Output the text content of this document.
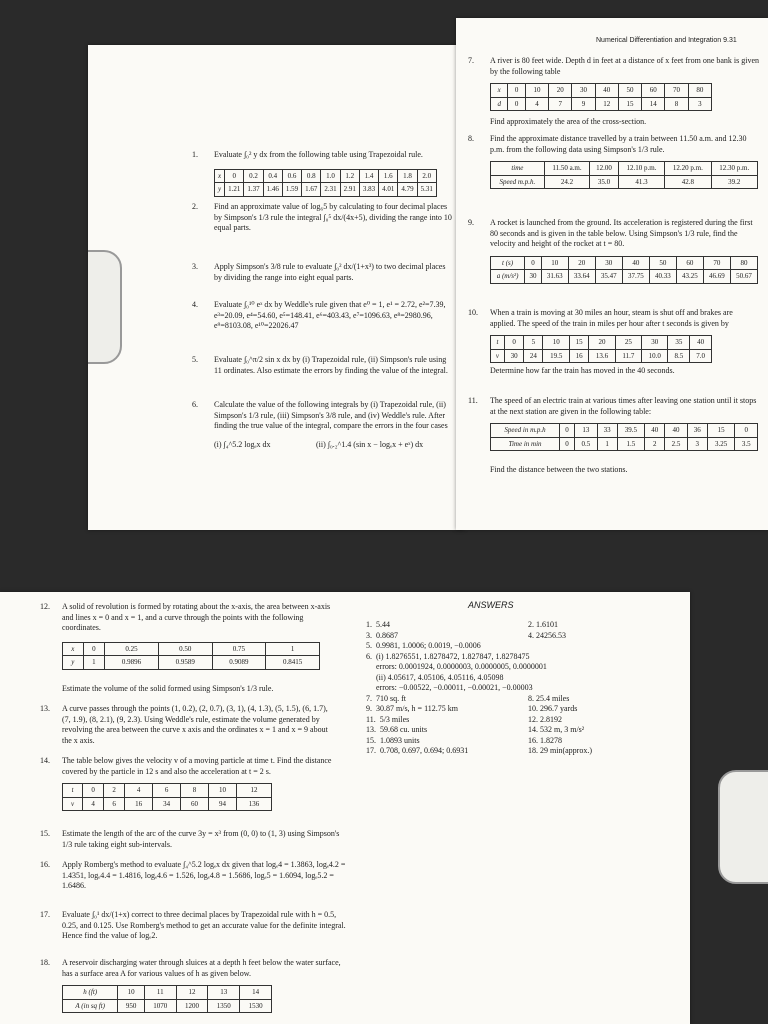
1. Evaluate ∫₀² y dx from the following table using Trapezoidal rule.
x	0	0.2	0.4	0.6	0.8	1.0	1.2	1.4	1.6	1.8	2.0
y	1.21	1.37	1.46	1.59	1.67	2.31	2.91	3.83	4.01	4.79	5.31
2. Find an approximate value of log₆5 by calculating to four decimal places by Simpson's 1/3 rule the integral ∫₀⁵ dx/(4x+5), dividing the range into 10 equal parts.
3. Apply Simpson's 3/8 rule to evaluate ∫₀² dx/(1+x³) to two decimal places by dividing the range into eight equal parts.
4. Evaluate ∫₀¹⁰ eˣ dx by Weddle's rule given that e⁰ = 1, e¹ = 2.72, e²=7.39, e³=20.09, e⁴=54.60, e⁵=148.41, e⁶=403.43, e⁷=1096.63, e⁸=2980.96, e⁹=8103.08, e¹⁰=22026.47
5. Evaluate ∫₀^π/2 sin x dx by (i) Trapezoidal rule, (ii) Simpson's rule using 11 ordinates. Also estimate the errors by finding the value of the integral.
6. Calculate the value of the following integrals by (i) Trapezoidal rule, (ii) Simpson's 1/3 rule, (iii) Simpson's 3/8 rule, and (iv) Weddle's rule. After finding the true value of the integral, compare the errors in the four cases
(i) ∫₄^5.2 logₑx dx	(ii) ∫₀.₂^1.4 (sin x − logₑx + eˣ) dx
Numerical Differentiation and Integration 9.31
7. A river is 80 feet wide. Depth d in feet at a distance of x feet from one bank is given by the following table
x	0	10	20	30	40	50	60	70	80
d	0	4	7	9	12	15	14	8	3
Find approximately the area of the cross-section.
8. Find the approximate distance travelled by a train between 11.50 a.m. and 12.30 p.m. from the following data using Simpson's 1/3 rule.
time	11.50 a.m.	12.00	12.10 p.m.	12.20 p.m.	12.30 p.m.
Speed m.p.h.	24.2	35.0	41.3	42.8	39.2
9. A rocket is launched from the ground. Its acceleration is registered during the first 80 seconds and is given in the table below. Using Simpson's 1/3 rule, find the velocity and height of the rocket at t = 80.
t (s)	0	10	20	30	40	50	60	70	80
a (m/s²)	30	31.63	33.64	35.47	37.75	40.33	43.25	46.69	50.67
10. When a train is moving at 30 miles an hour, steam is shut off and brakes are applied. The speed of the train in miles per hour after t seconds is given by
t	0	5	10	15	20	25	30	35	40
v	30	24	19.5	16	13.6	11.7	10.0	8.5	7.0
Determine how far the train has moved in the 40 seconds.
11. The speed of an electric train at various times after leaving one station until it stops at the next station are given in the following table:
Speed in m.p.h	0	13	33	39.5	40	40	36	15	0
Time in min	0	0.5	1	1.5	2	2.5	3	3.25	3.5
Find the distance between the two stations.
12. A solid of revolution is formed by rotating about the x-axis, the area between x-axis and lines x = 0 and x = 1, and a curve through the points with the following coordinates.
x	0	0.25	0.50	0.75	1
y	1	0.9896	0.9589	0.9089	0.8415
Estimate the volume of the solid formed using Simpson's 1/3 rule.
13. A curve passes through the points (1, 0.2), (2, 0.7), (3, 1), (4, 1.3), (5, 1.5), (6, 1.7), (7, 1.9), (8, 2.1), (9, 2.3). Using Weddle's rule, estimate the volume generated by revolving the area between the curve x axis and the ordinates x = 1 and x = 9 about the x axis.
14. The table below gives the velocity v of a moving particle at time t. Find the distance covered by the particle in 12 s and also the acceleration at t = 2 s.
t	0	2	4	6	8	10	12
v	4	6	16	34	60	94	136
15. Estimate the length of the arc of the curve 3y = x³ from (0, 0) to (1, 3) using Simpson's 1/3 rule taking eight sub-intervals.
16. Apply Romberg's method to evaluate ∫₄^5.2 logₑx dx given that logₑ4 = 1.3863, logₑ4.2 = 1.4351, logₑ4.4 = 1.4816, logₑ4.6 = 1.526, logₑ4.8 = 1.5686, logₑ5 = 1.6094, logₑ5.2 = 1.6486.
17. Evaluate ∫₀¹ dx/(1+x) correct to three decimal places by Trapezoidal rule with h = 0.5, 0.25, and 0.125. Use Romberg's method to get an accurate value for the definite integral. Hence find the value of logₑ2.
18. A reservoir discharging water through sluices at a depth h feet below the water surface, has a surface area A for various values of h as given below.
h (ft)	10	11	12	13	14
A (in sq ft)	950	1070	1200	1350	1530
ANSWERS
1.  5.44
3.  0.8687
5.  0.9981, 1.0006; 0.0019, −0.0006
6.  (i) 1.8276551, 1.8278472, 1.827847, 1.8278475
errors: 0.0001924, 0.0000003, 0.0000005, 0.0000001
(ii) 4.05617, 4.05106, 4.05116, 4.05098
errors: −0.00522, −0.00011, −0.00021, −0.00003
7.  710 sq. ft
9.  30.87 m/s, h = 112.75 km
11.  5/3 miles
13.  59.68 cu. units
15.  1.0893 units
17.  0.708, 0.697, 0.694; 0.6931
2. 1.6101
4. 24256.53
8. 25.4 miles
10. 296.7 yards
12. 2.8192
14. 532 m, 3 m/s²
16. 1.8278
18. 29 min(approx.)
